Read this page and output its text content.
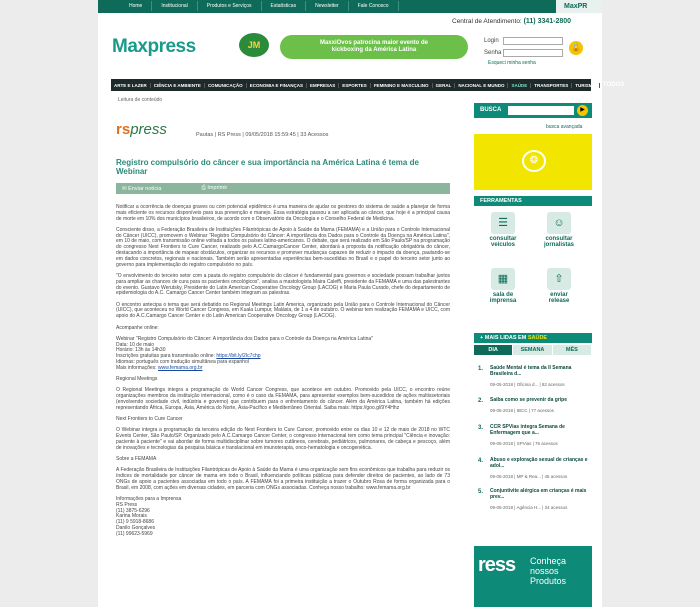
Home	Institucional	Produtos e Serviços	Estatísticas	Newsletter	Fale Conosco	MaxPR
Central de Atendimento: (11) 3341-2800
Maxpress	JM	MaxxiOvos patrocina maior evento de
kickboxing da América Latina
Login
Senha
Esqueci minha senha
🔒
ARTE E LAZER	CIÊNCIA E AMBIENTE	COMUNICAÇÃO	ECONOMIA E FINANÇAS	EMPRESAS	ESPORTES	FEMININO E MASCULINO	GERAL	NACIONAL E MUNDO	SAÚDE	TRANSPORTES	TURISMO	TODOS
Leitura de conteúdo
rspress	Pautas | RS Press | 09/05/2018 15:59:45 | 33 Acessos
Registro compulsório do câncer e sua importância na América Latina é tema de Webinar
✉ Enviar notícia	⎙ Imprimir

Notificar a ocorrência de doenças graves ou com potencial epidêmico é uma maneira de ajudar os gestores do sistema de saúde a planejar de forma mais eficiente os recursos disponíveis para sua prevenção e manejo. Essa estratégia passou a ser aplicada ao câncer, que hoje é a principal causa de morte em 10% dos municípios brasileiros, de acordo com o Observatório da Oncologia e o Conselho Federal de Medicina.

Consciente disso, a Federação Brasileira de Instituições Filantrópicas de Apoio à Saúde da Mama (FEMAMA) e a União para o Controle Internacional do Câncer (UICC), promovem o Webinar "Registro Compulsório do Câncer: A importância dos Dados para o Controle da Doença na América Latina", em 10 de maio, com transmissão online voltada a todos os países latino-americanos. O debate, que será realizado em São Paulo/SP na programação do congresso Next Frontiers to Cure Cancer, realizado pelo A.C.CamargoCancer Center, abordará a proposta da notificação obrigatória do câncer, destacando a importância de mapear obstáculos, organizar os recursos e promover mudanças capazes de reduzir o impacto da doença, pautando-se em dados concretos, regionais e nacionais. Também serão apresentadas experiências bem-sucedidas no Brasil e o papel do terceiro setor junto ao governo para implementação do registro compulsório no país.

"O envolvimento do terceiro setor com a pauta do registro compulsório do câncer é fundamental para governos e sociedade possam trabalhar juntos para ampliar as chances de cura para os pacientes oncológicos", analisa a mastologista Maira Caleffi, presidente da FEMAMA e uma das palestrantes do evento. Gustavo Werutsky, Presidente do Latin American Cooperative Oncology Group (LACOG) e Maria Paula Curado, chefe do departamento de epidemiologia do A.C. Camargo Cancer Center também integram as palestras.

O encontro antecipa o tema que será debatido no Regional Meetings Latin America, organizado pela União para o Controle Internacional do Câncer (UICC), que aconteceu no World Cancer Congress, em Kuala Lumpur, Malásia, de 1 a 4 de outubro. O webinar tem realização FEMAMA e UICC, com apoio do A.C.Camargo Cancer Center e do Latin American Cooperative Oncology Group (LACOG).

Acompanhe online:

Webinar "Registro Compulsório do Câncer: A importância dos Dados para o Controle da Doença na América Latina"
Data: 10 de maio
Horário: 13h às 14h30
Inscrições gratuitas para transmissão online: https://bit.ly/2Ic7chp
Idiomas: português com tradução simultânea para espanhol
Mais informações: www.femama.org.br

Regional Meetings

O Regional Meetings integra a programação do World Cancer Congress, que acontece em outubro. Promovido pela UICC, o encontro reúne organizações membros da instituição internacional, como é o caso da FEMAMA, para apresentar exemplos bem-sucedidos de ações multissetoriais (envolvendo sociedade civil, indústria e governo) que contribuem para o enfrentamento do câncer. Além da América Latina, também há edições representando África, Europa, Ásia, América do Norte, Ásia-Pacífico e Mediterrâneo Oriental. Saiba mais: https://goo.gl/9Y4Hhz

Next Frontiers to Cure Cancer

O Webinar integra a programação da terceira edição do Next Frontiers to Cure Cancer, promovido entre os dias 10 e 12 de maio de 2018 no WTC Events Center, São Paulo/SP. Organizado pelo A.C.Camargo Cancer Center, o congresso internacional tem como tema principal "Ciência e inovação: paciente à paciente" e vai abordar de forma multidisciplinar sobre tumores cutâneos, cerebrais, pediátricos, pulmonares, de cabeça e pescoço, além de inovações e tecnologias da pesquisa básica e translacional em imunoterapia, onco-hematologia e oncogenética.

Sobre a FEMAMA

A Federação Brasileira de Instituições Filantrópicas de Apoio à Saúde da Mama é uma organização sem fins econômicos que trabalha para reduzir os índices de mortalidade por câncer de mama em todo o Brasil, influenciando políticas públicas para defender direitos de pacientes, ao lado de 73 ONGs de apoio a pacientes associadas em todo o país. A FEMAMA foi a primeira instituição a trazer o Outubro Rosa de forma organizada para o Brasil, em 2008, com ações em diversas cidades, em parceria com ONGs associadas. Conheça nosso trabalho: www.femama.org.br

Informações para a Imprensa
RS Press
(11) 3875-6296
Karina Morais
(11) 9 5918-8686
Danilo Gonçalves
(11) 99623-5969

BUSCA	▶
busca avançada
❂
FERRAMENTAS
☰
consultar
veículos
☺
consultar
jornalistas
▦
sala de
imprensa
⇧
enviar
release
+ MAIS LIDAS EM SAÚDE
DIA	SEMANA	MÊS
1. Saúde Mental é tema da II Semana Brasileira d...
09-05-2018 | Oficina d... | 82 acessos
2. Saiba como se prevenir da gripe
09-05-2018 | IBCC | 77 acessos
3. CCR SPVias integra Semana de Enfermagem que a...
09-05-2018 | SPVias | 75 acessos
4. Abuso e exploração sexual de crianças e adol...
09-05-2018 | MP & Rea... | 45 acessos
5. Conjuntivite alérgica em crianças é mais prev...
09-05-2018 | Agência H... | 34 acessos
ress Conheça
nossos
Produtos
